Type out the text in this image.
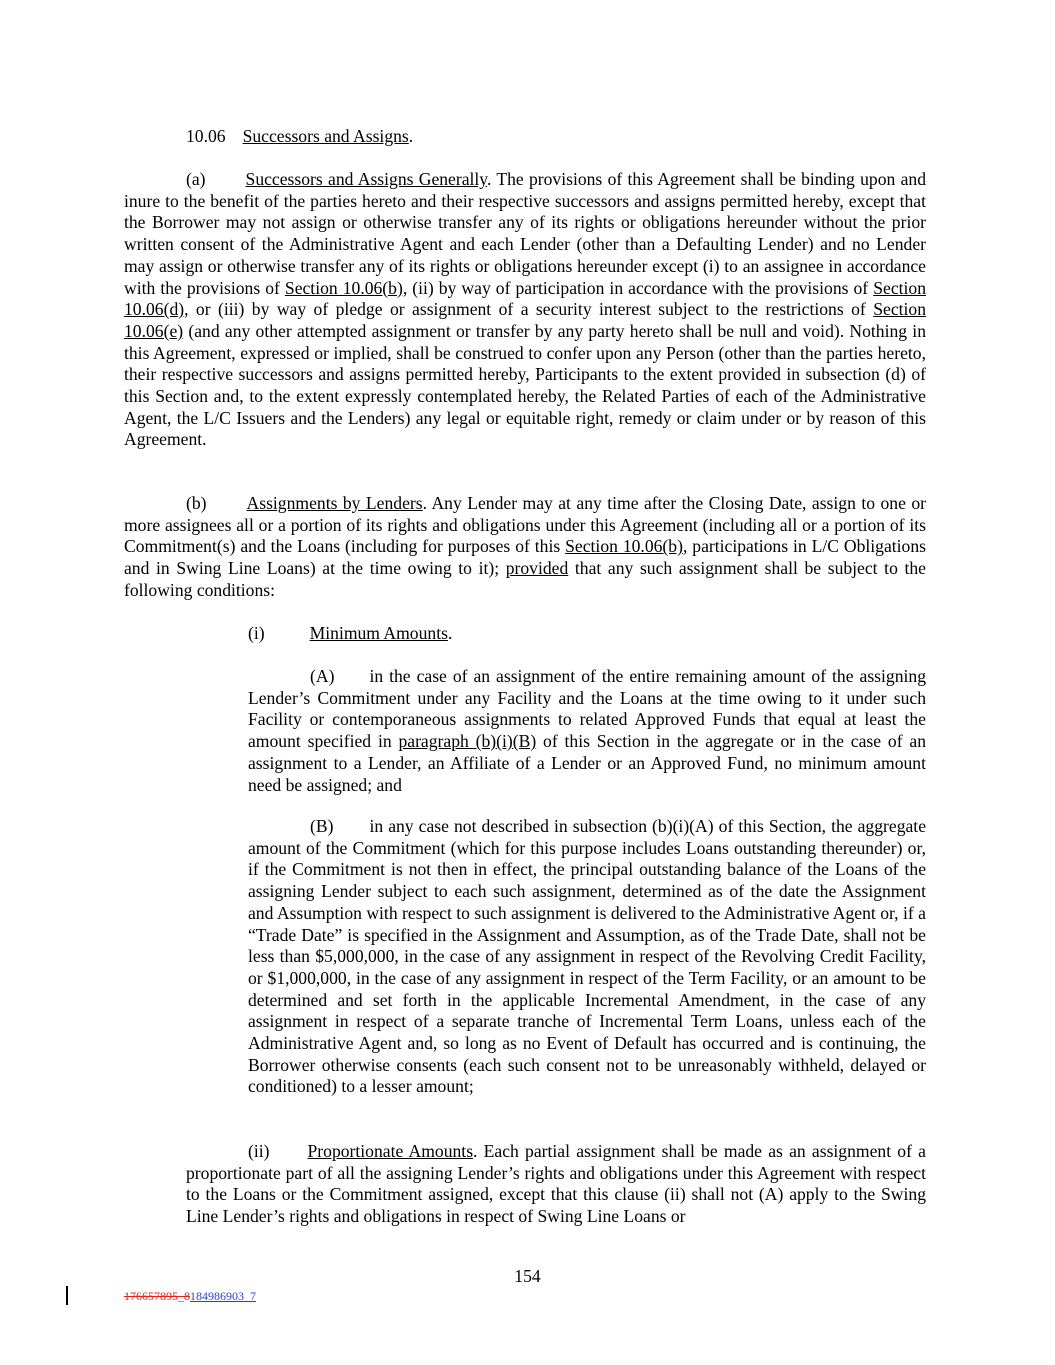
10.06 Successors and Assigns.

(a) Successors and Assigns Generally. The provisions of this Agreement shall be binding upon and inure to the benefit of the parties hereto and their respective successors and assigns permitted hereby, except that the Borrower may not assign or otherwise transfer any of its rights or obligations hereunder without the prior written consent of the Administrative Agent and each Lender (other than a Defaulting Lender) and no Lender may assign or otherwise transfer any of its rights or obligations hereunder except (i) to an assignee in accordance with the provisions of Section 10.06(b), (ii) by way of participation in accordance with the provisions of Section 10.06(d), or (iii) by way of pledge or assignment of a security interest subject to the restrictions of Section 10.06(e) (and any other attempted assignment or transfer by any party hereto shall be null and void). Nothing in this Agreement, expressed or implied, shall be construed to confer upon any Person (other than the parties hereto, their respective successors and assigns permitted hereby, Participants to the extent provided in subsection (d) of this Section and, to the extent expressly contemplated hereby, the Related Parties of each of the Administrative Agent, the L/C Issuers and the Lenders) any legal or equitable right, remedy or claim under or by reason of this Agreement.

(b) Assignments by Lenders. Any Lender may at any time after the Closing Date, assign to one or more assignees all or a portion of its rights and obligations under this Agreement (including all or a portion of its Commitment(s) and the Loans (including for purposes of this Section 10.06(b), participations in L/C Obligations and in Swing Line Loans) at the time owing to it); provided that any such assignment shall be subject to the following conditions:

(i)	Minimum Amounts.

(A) in the case of an assignment of the entire remaining amount of the assigning Lender’s Commitment under any Facility and the Loans at the time owing to it under such Facility or contemporaneous assignments to related Approved Funds that equal at least the amount specified in paragraph (b)(i)(B) of this Section in the aggregate or in the case of an assignment to a Lender, an Affiliate of a Lender or an Approved Fund, no minimum amount need be assigned; and

(B) in any case not described in subsection (b)(i)(A) of this Section, the aggregate amount of the Commitment (which for this purpose includes Loans outstanding thereunder) or, if the Commitment is not then in effect, the principal outstanding balance of the Loans of the assigning Lender subject to each such assignment, determined as of the date the Assignment and Assumption with respect to such assignment is delivered to the Administrative Agent or, if a “Trade Date” is specified in the Assignment and Assumption, as of the Trade Date, shall not be less than $5,000,000, in the case of any assignment in respect of the Revolving Credit Facility, or $1,000,000, in the case of any assignment in respect of the Term Facility, or an amount to be determined and set forth in the applicable Incremental Amendment, in the case of any assignment in respect of a separate tranche of Incremental Term Loans, unless each of the Administrative Agent and, so long as no Event of Default has occurred and is continuing, the Borrower otherwise consents (each such consent not to be unreasonably withheld, delayed or conditioned) to a lesser amount;

(ii) Proportionate Amounts. Each partial assignment shall be made as an assignment of a proportionate part of all the assigning Lender’s rights and obligations under this Agreement with respect to the Loans or the Commitment assigned, except that this clause (ii) shall not (A) apply to the Swing Line Lender’s rights and obligations in respect of Swing Line Loans or

154
176657895_8184986903_7
